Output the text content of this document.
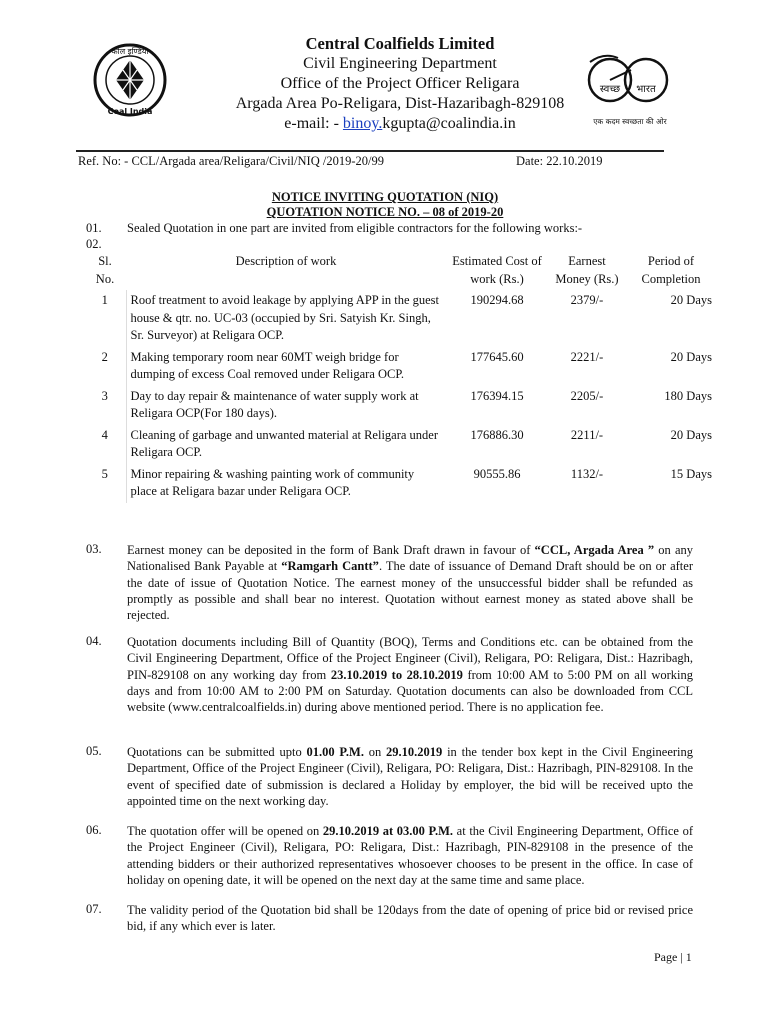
कोल इण्डिया
Coal India
Central Coalfields Limited
Civil Engineering Department
Office of the Project Officer Religara
Argada Area Po-Religara, Dist-Hazaribagh-829108
e-mail: - binoy.kgupta@coalindia.in
स्वच्छ भारत
एक कदम स्वच्छता की ओर
Ref. No: - CCL/Argada area/Religara/Civil/NIQ /2019-20/99	Date: 22.10.2019
NOTICE INVITING QUOTATION (NIQ)
QUOTATION NOTICE NO. – 08 of 2019-20
01. Sealed Quotation in one part are invited from eligible contractors for the following works:-
02.
Sl. No.	Description of work	Estimated Cost of work (Rs.)	Earnest Money (Rs.)	Period of Completion
1	Roof treatment to avoid leakage by applying APP in the guest house & qtr. no. UC-03 (occupied by Sri. Satyish Kr. Singh, Sr. Surveyor) at Religara OCP.	190294.68	2379/-	20 Days
2	Making temporary room near 60MT weigh bridge for dumping of excess Coal removed under Religara OCP.	177645.60	2221/-	20 Days
3	Day to day repair & maintenance of water supply work at Religara OCP(For 180 days).	176394.15	2205/-	180 Days
4	Cleaning of garbage and unwanted material at Religara under Religara OCP.	176886.30	2211/-	20 Days
5	Minor repairing & washing painting work of community place at Religara bazar under Religara OCP.	90555.86	1132/-	15 Days
03. Earnest money can be deposited in the form of Bank Draft drawn in favour of “CCL, Argada Area ” on any Nationalised Bank Payable at “Ramgarh Cantt”. The date of issuance of Demand Draft should be on or after the date of issue of Quotation Notice. The earnest money of the unsuccessful bidder shall be refunded as promptly as possible and shall bear no interest. Quotation without earnest money as stated above shall be rejected.
04. Quotation documents including Bill of Quantity (BOQ), Terms and Conditions etc. can be obtained from the Civil Engineering Department, Office of the Project Engineer (Civil), Religara, PO: Religara, Dist.: Hazribagh, PIN-829108 on any working day from 23.10.2019 to 28.10.2019 from 10:00 AM to 5:00 PM on all working days and from 10:00 AM to 2:00 PM on Saturday. Quotation documents can also be downloaded from CCL website (www.centralcoalfields.in) during above mentioned period. There is no application fee.
05. Quotations can be submitted upto 01.00 P.M. on 29.10.2019 in the tender box kept in the Civil Engineering Department, Office of the Project Engineer (Civil), Religara, PO: Religara, Dist.: Hazribagh, PIN-829108. In the event of specified date of submission is declared a Holiday by employer, the bid will be received upto the appointed time on the next working day.
06. The quotation offer will be opened on 29.10.2019 at 03.00 P.M. at the Civil Engineering Department, Office of the Project Engineer (Civil), Religara, PO: Religara, Dist.: Hazribagh, PIN-829108 in the presence of the attending bidders or their authorized representatives whosoever chooses to be present in the office. In case of holiday on opening date, it will be opened on the next day at the same time and same place.
07. The validity period of the Quotation bid shall be 120days from the date of opening of price bid or revised price bid, if any which ever is later.
Page | 1
